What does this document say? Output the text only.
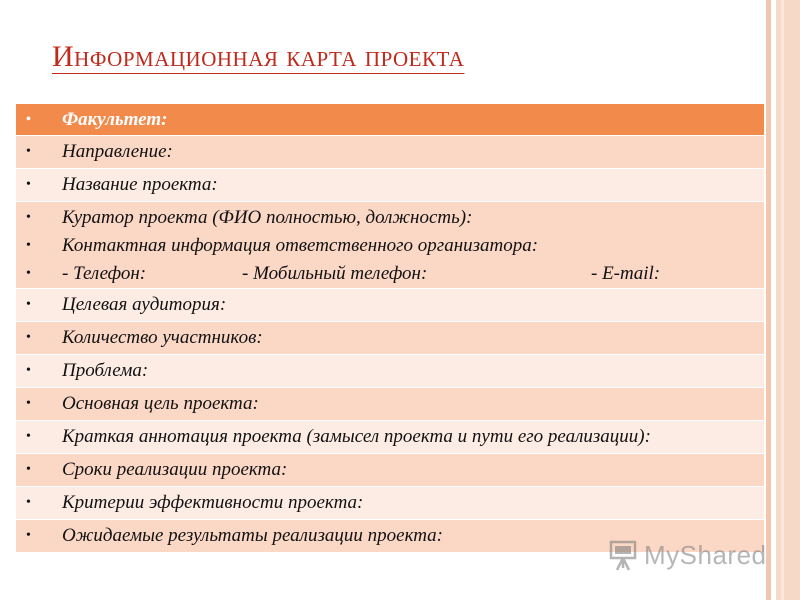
Информационная карта проекта
• Факультет:
• Направление:
• Название проекта:
• Куратор проекта (ФИО полностью, должность):
• Контактная информация ответственного организатора:
• - Телефон:	- Мобильный телефон:	- E-mail:
• Целевая аудитория:
• Количество участников:
• Проблема:
• Основная цель проекта:
• Краткая аннотация проекта (замысел проекта и пути его реализации):
• Сроки реализации проекта:
• Критерии эффективности проекта:
• Ожидаемые результаты реализации проекта:
MyShared
